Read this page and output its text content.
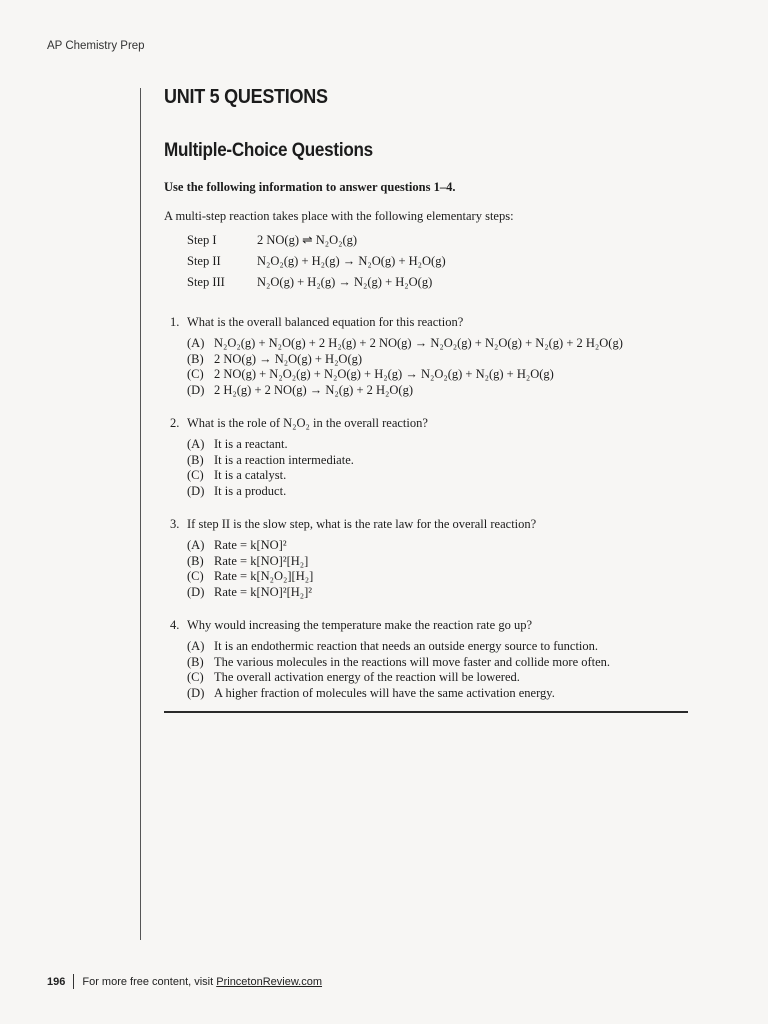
AP Chemistry Prep
UNIT 5 QUESTIONS
Multiple-Choice Questions

Use the following information to answer questions 1–4.

A multi-step reaction takes place with the following elementary steps:

Step I	2 NO(g) ⇌ N₂O₂(g)
Step II	N₂O₂(g) + H₂(g) → N₂O(g) + H₂O(g)
Step III	N₂O(g) + H₂(g) → N₂(g) + H₂O(g)
1. What is the overall balanced equation for this reaction?
(A) N₂O₂(g) + N₂O(g) + 2 H₂(g) + 2 NO(g) → N₂O₂(g) + N₂O(g) + N₂(g) + 2 H₂O(g)
(B) 2 NO(g) → N₂O(g) + H₂O(g)
(C) 2 NO(g) + N₂O₂(g) + N₂O(g) + H₂(g) → N₂O₂(g) + N₂(g) + H₂O(g)
(D) 2 H₂(g) + 2 NO(g) → N₂(g) + 2 H₂O(g)
2. What is the role of N₂O₂ in the overall reaction?
(A) It is a reactant.
(B) It is a reaction intermediate.
(C) It is a catalyst.
(D) It is a product.
3. If step II is the slow step, what is the rate law for the overall reaction?
(A) Rate = k[NO]²
(B) Rate = k[NO]²[H₂]
(C) Rate = k[N₂O₂][H₂]
(D) Rate = k[NO]²[H₂]²
4. Why would increasing the temperature make the reaction rate go up?
(A) It is an endothermic reaction that needs an outside energy source to function.
(B) The various molecules in the reactions will move faster and collide more often.
(C) The overall activation energy of the reaction will be lowered.
(D) A higher fraction of molecules will have the same activation energy.
196 For more free content, visit
PrincetonReview.com
